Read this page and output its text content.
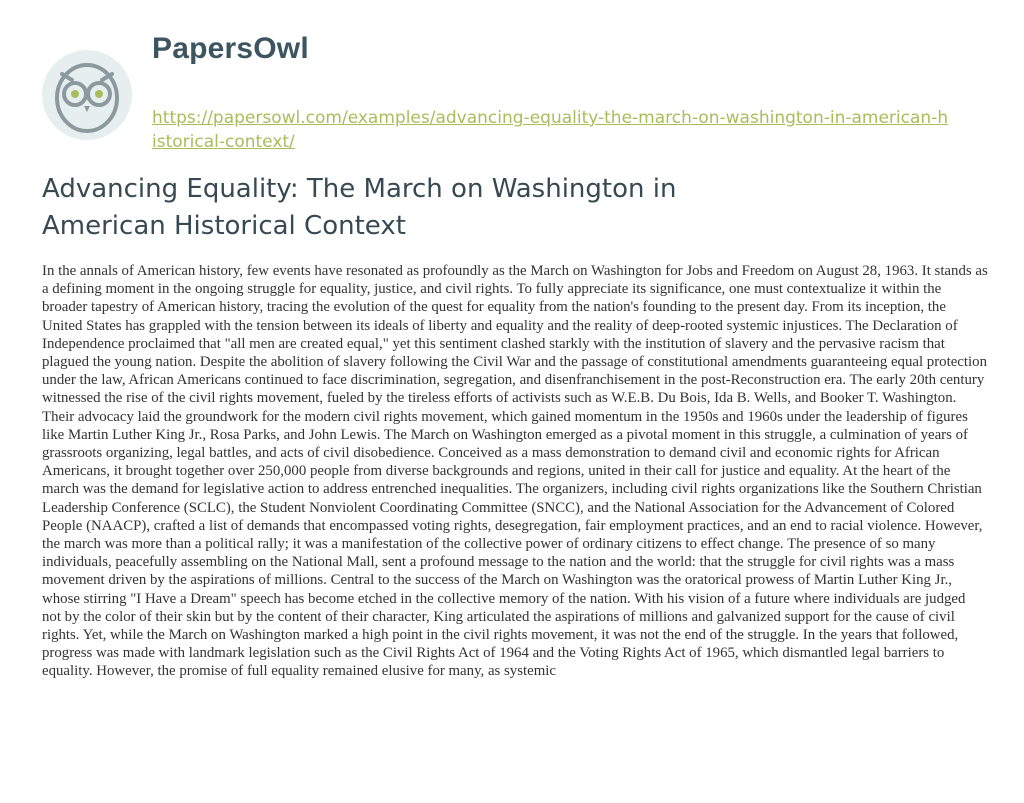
PapersOwl
https://papersowl.com/examples/advancing-equality-the-march-on-washington-in-american-historical-context/
Advancing Equality: The March on Washington in American Historical Context

In the annals of American history, few events have resonated as profoundly as the March on Washington for Jobs and Freedom on August 28, 1963. It stands as a defining moment in the ongoing struggle for equality, justice, and civil rights. To fully appreciate its significance, one must contextualize it within the broader tapestry of American history, tracing the evolution of the quest for equality from the nation's founding to the present day. From its inception, the United States has grappled with the tension between its ideals of liberty and equality and the reality of deep-rooted systemic injustices. The Declaration of Independence proclaimed that "all men are created equal," yet this sentiment clashed starkly with the institution of slavery and the pervasive racism that plagued the young nation. Despite the abolition of slavery following the Civil War and the passage of constitutional amendments guaranteeing equal protection under the law, African Americans continued to face discrimination, segregation, and disenfranchisement in the post-Reconstruction era. The early 20th century witnessed the rise of the civil rights movement, fueled by the tireless efforts of activists such as W.E.B. Du Bois, Ida B. Wells, and Booker T. Washington. Their advocacy laid the groundwork for the modern civil rights movement, which gained momentum in the 1950s and 1960s under the leadership of figures like Martin Luther King Jr., Rosa Parks, and John Lewis. The March on Washington emerged as a pivotal moment in this struggle, a culmination of years of grassroots organizing, legal battles, and acts of civil disobedience. Conceived as a mass demonstration to demand civil and economic rights for African Americans, it brought together over 250,000 people from diverse backgrounds and regions, united in their call for justice and equality. At the heart of the march was the demand for legislative action to address entrenched inequalities. The organizers, including civil rights organizations like the Southern Christian Leadership Conference (SCLC), the Student Nonviolent Coordinating Committee (SNCC), and the National Association for the Advancement of Colored People (NAACP), crafted a list of demands that encompassed voting rights, desegregation, fair employment practices, and an end to racial violence. However, the march was more than a political rally; it was a manifestation of the collective power of ordinary citizens to effect change. The presence of so many individuals, peacefully assembling on the National Mall, sent a profound message to the nation and the world: that the struggle for civil rights was a mass movement driven by the aspirations of millions. Central to the success of the March on Washington was the oratorical prowess of Martin Luther King Jr., whose stirring "I Have a Dream" speech has become etched in the collective memory of the nation. With his vision of a future where individuals are judged not by the color of their skin but by the content of their character, King articulated the aspirations of millions and galvanized support for the cause of civil rights. Yet, while the March on Washington marked a high point in the civil rights movement, it was not the end of the struggle. In the years that followed, progress was made with landmark legislation such as the Civil Rights Act of 1964 and the Voting Rights Act of 1965, which dismantled legal barriers to equality. However, the promise of full equality remained elusive for many, as systemic
